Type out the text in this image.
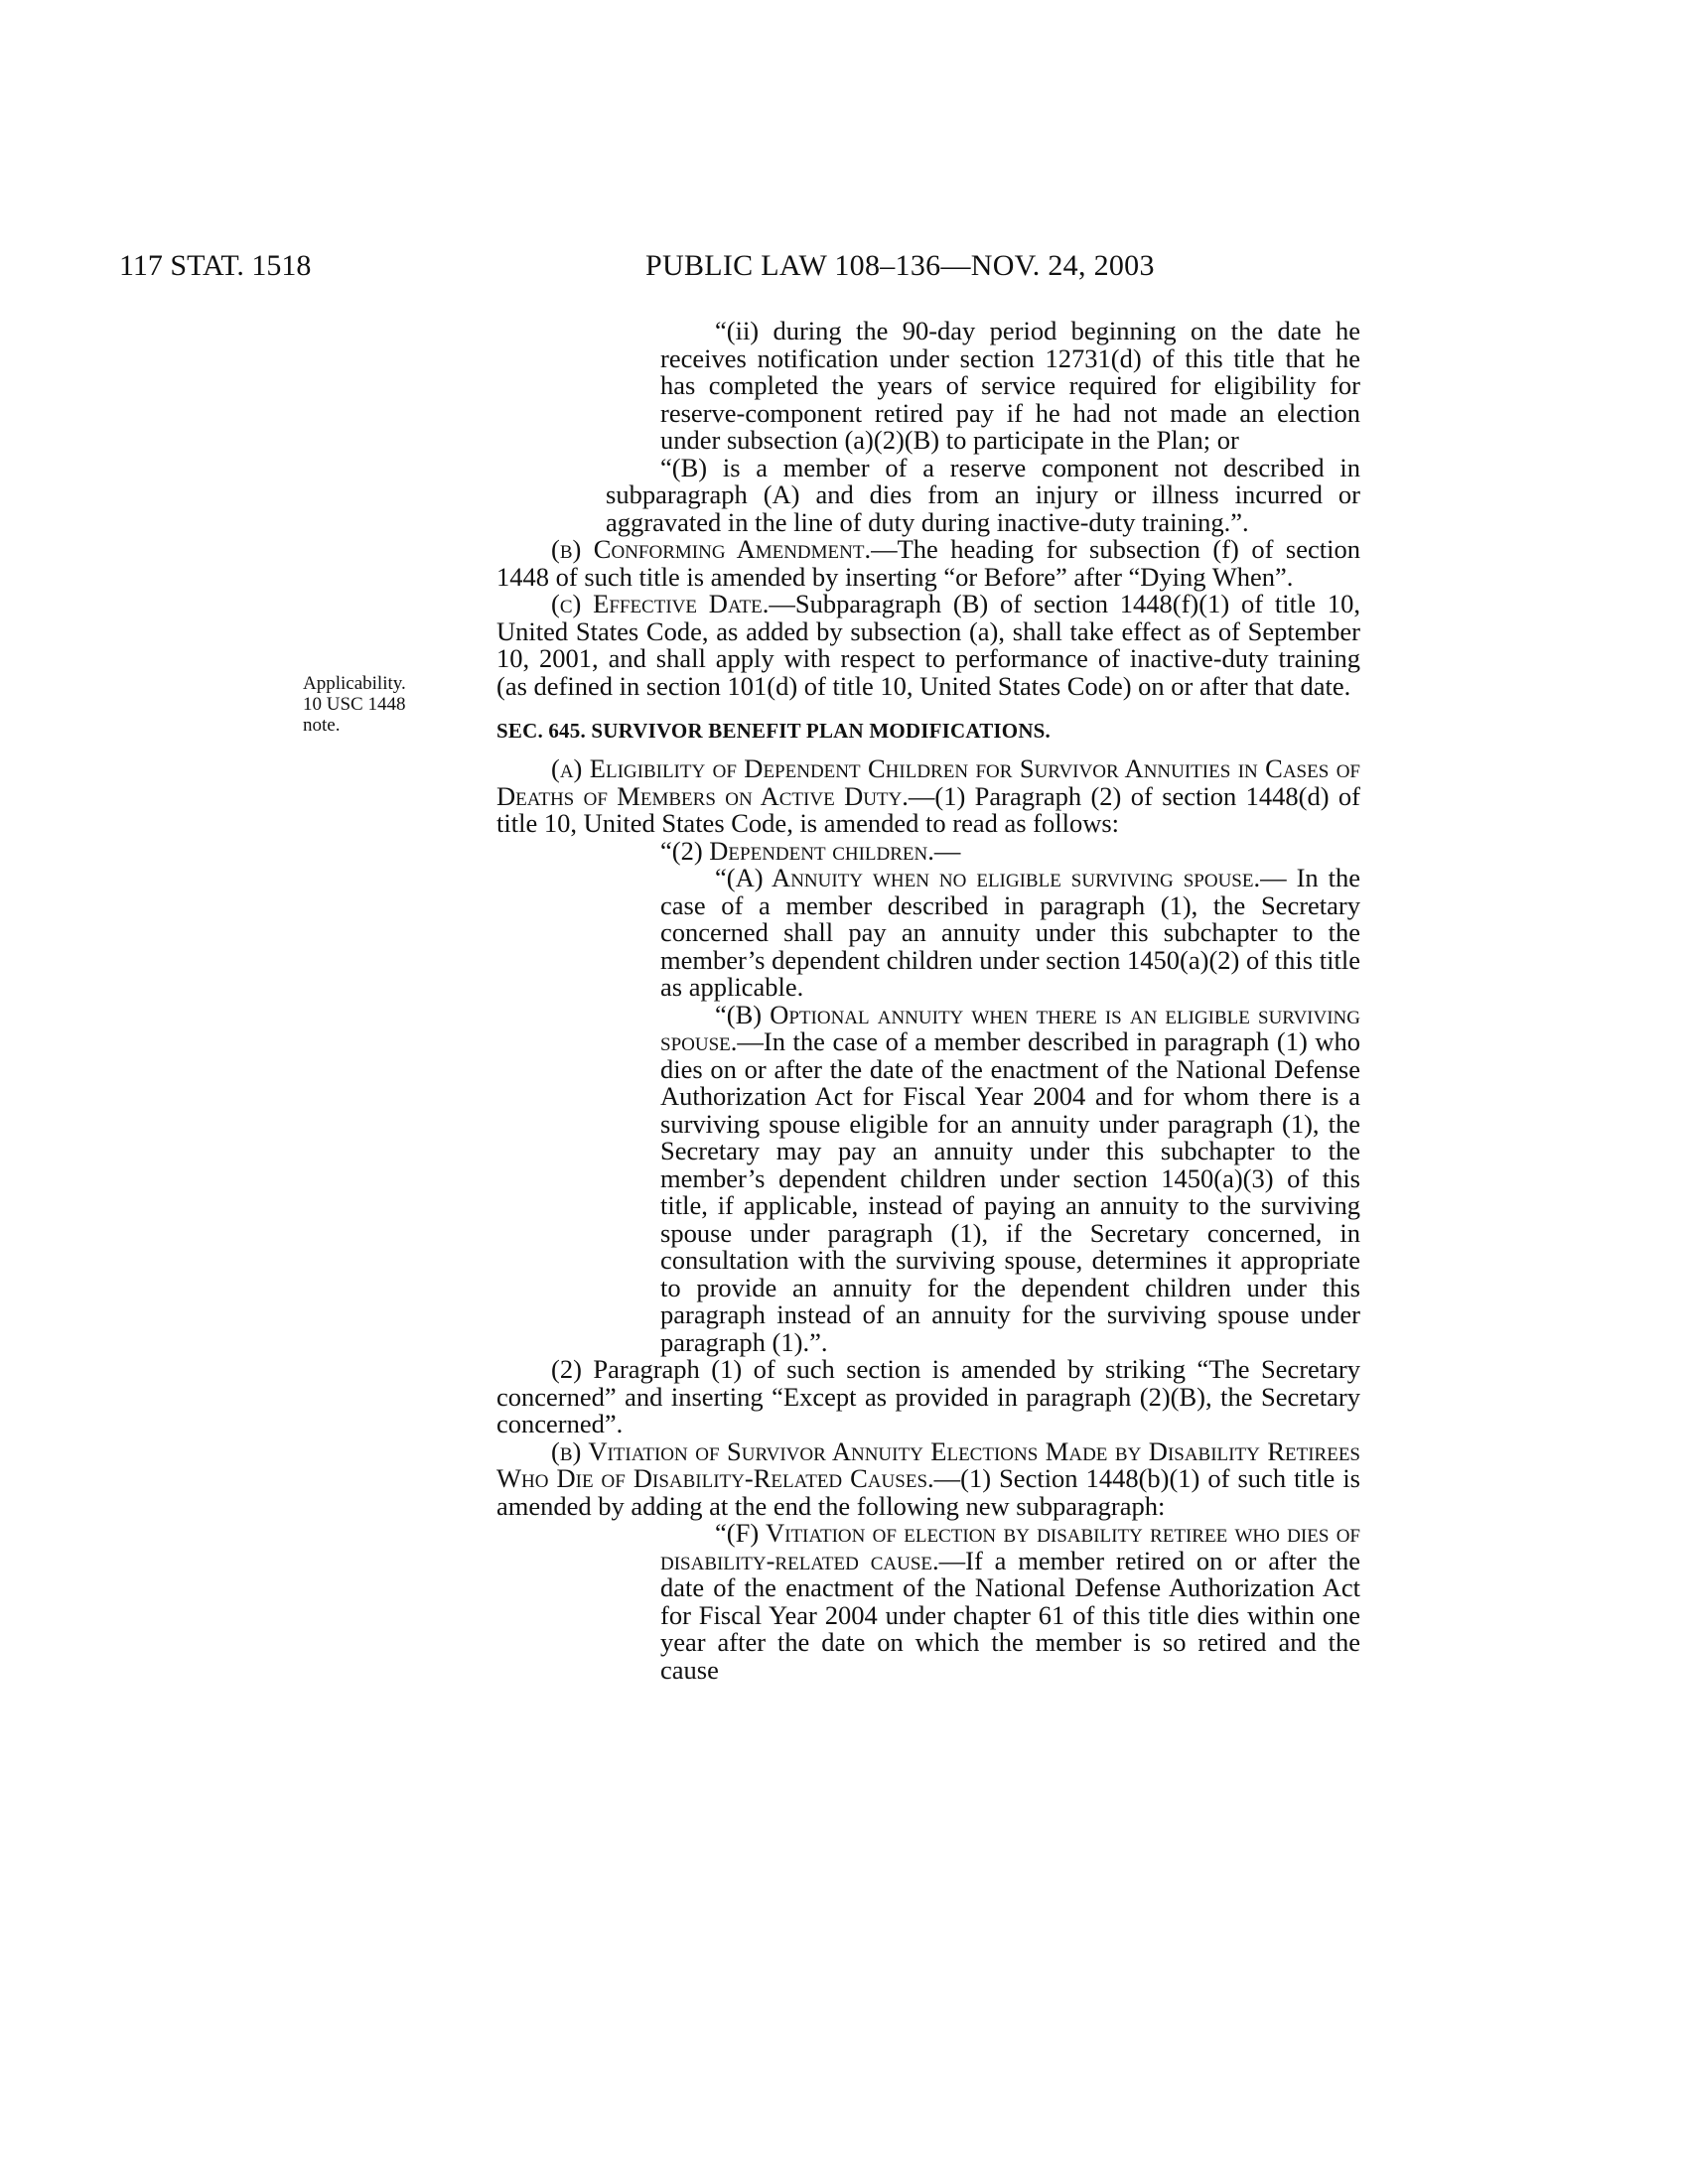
117 STAT. 1518	PUBLIC LAW 108–136—NOV. 24, 2003
Applicability.
10 USC 1448
note.

“(ii) during the 90-day period beginning on the date he receives notification under section 12731(d) of this title that he has completed the years of service required for eligibility for reserve-component retired pay if he had not made an election under subsection (a)(2)(B) to participate in the Plan; or

“(B) is a member of a reserve component not described in subparagraph (A) and dies from an injury or illness incurred or aggravated in the line of duty during inactive-duty training.”.

(b) Conforming Amendment.—The heading for subsection (f) of section 1448 of such title is amended by inserting “or Before” after “Dying When”.

(c) Effective Date.—Subparagraph (B) of section 1448(f)(1) of title 10, United States Code, as added by subsection (a), shall take effect as of September 10, 2001, and shall apply with respect to performance of inactive-duty training (as defined in section 101(d) of title 10, United States Code) on or after that date.

SEC. 645. SURVIVOR BENEFIT PLAN MODIFICATIONS.

(a) Eligibility of Dependent Children for Survivor Annuities in Cases of Deaths of Members on Active Duty.—(1) Paragraph (2) of section 1448(d) of title 10, United States Code, is amended to read as follows:

“(2) Dependent children.—

“(A) Annuity when no eligible surviving spouse.— In the case of a member described in paragraph (1), the Secretary concerned shall pay an annuity under this subchapter to the member’s dependent children under section 1450(a)(2) of this title as applicable.

“(B) Optional annuity when there is an eligible surviving spouse.—In the case of a member described in paragraph (1) who dies on or after the date of the enactment of the National Defense Authorization Act for Fiscal Year 2004 and for whom there is a surviving spouse eligible for an annuity under paragraph (1), the Secretary may pay an annuity under this subchapter to the member’s dependent children under section 1450(a)(3) of this title, if applicable, instead of paying an annuity to the surviving spouse under paragraph (1), if the Secretary concerned, in consultation with the surviving spouse, determines it appropriate to provide an annuity for the dependent children under this paragraph instead of an annuity for the surviving spouse under paragraph (1).”.

(2) Paragraph (1) of such section is amended by striking “The Secretary concerned” and inserting “Except as provided in paragraph (2)(B), the Secretary concerned”.

(b) Vitiation of Survivor Annuity Elections Made by Disability Retirees Who Die of Disability-Related Causes.—(1) Section 1448(b)(1) of such title is amended by adding at the end the following new subparagraph:

“(F) Vitiation of election by disability retiree who dies of disability-related cause.—If a member retired on or after the date of the enactment of the National Defense Authorization Act for Fiscal Year 2004 under chapter 61 of this title dies within one year after the date on which the member is so retired and the cause
